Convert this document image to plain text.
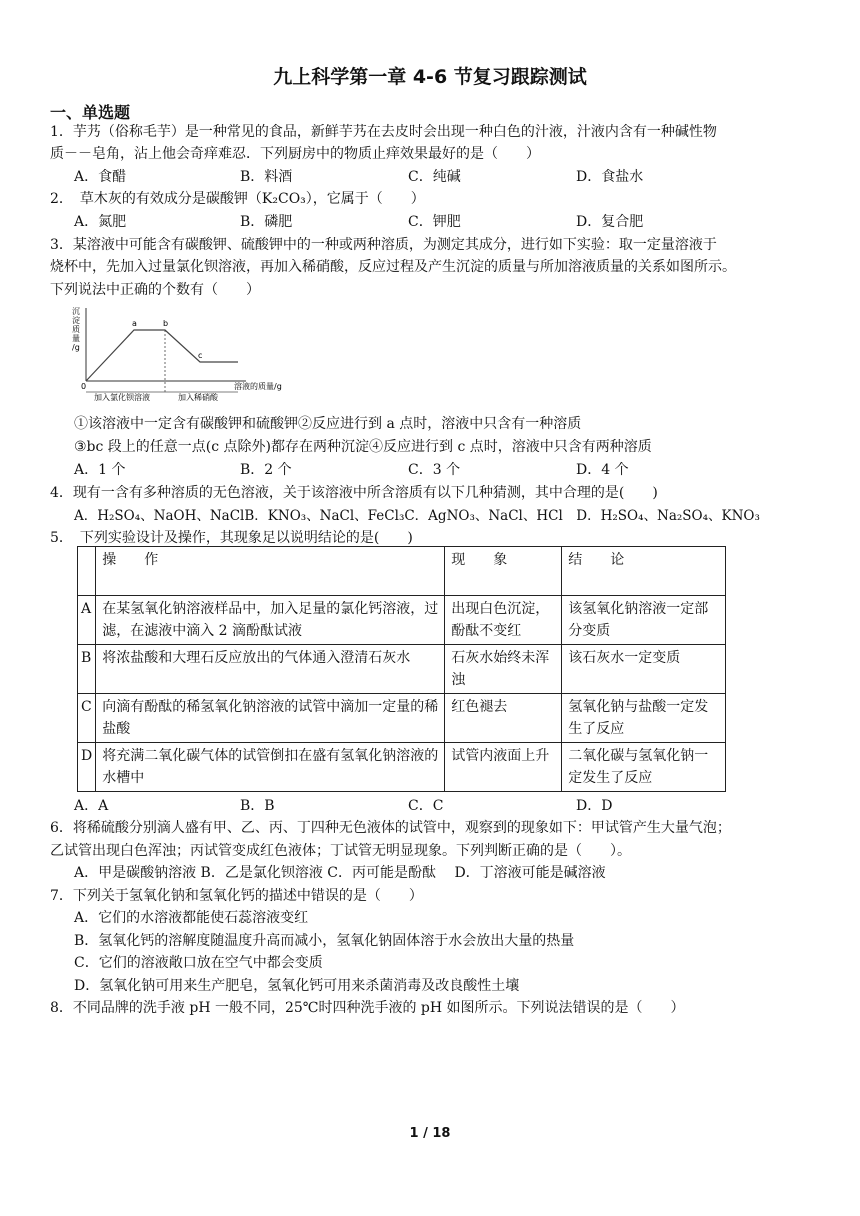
九上科学第一章 4-6 节复习跟踪测试
一、单选题
1．芋艿（俗称毛芋）是一种常见的食品，新鲜芋艿在去皮时会出现一种白色的汁液，汁液内含有一种碱性物
质－－皂角，沾上他会奇痒难忍．下列厨房中的物质止痒效果最好的是（　　）
A．食醋	B．料酒	C．纯碱	D．食盐水
2．　草木灰的有效成分是碳酸钾（K₂CO₃），它属于（　　）
A．氮肥	B．磷肥	C．钾肥	D．复合肥
3．某溶液中可能含有碳酸钾、硫酸钾中的一种或两种溶质，为测定其成分，进行如下实验：取一定量溶液于
烧杯中，先加入过量氯化钡溶液，再加入稀硝酸，反应过程及产生沉淀的质量与所加溶液质量的关系如图所示。
下列说法中正确的个数有（　　）
沉
淀
质
量
/g
a	b
c
0	溶液的质量/g
加入氯化钡溶液	加入稀硝酸
①该溶液中一定含有碳酸钾和硫酸钾②反应进行到 a 点时，溶液中只含有一种溶质
③bc 段上的任意一点(c 点除外)都存在两种沉淀④反应进行到 c 点时，溶液中只含有两种溶质
A．1 个	B．2 个	C．3 个	D．4 个
4．现有一含有多种溶质的无色溶液，关于该溶液中所含溶质有以下几种猜测，其中合理的是(　　)
A．H₂SO₄、NaOH、NaClB．KNO₃、NaCl、FeCl₃C．AgNO₃、NaCl、HCl　D．H₂SO₄、Na₂SO₄、KNO₃
5．　下列实验设计及操作，其现象足以说明结论的是(　　)
	操　　作	现　　象	结　　论
A	在某氢氧化钠溶液样品中，加入足量的氯化钙溶液，过滤，在滤液中滴入 2 滴酚酞试液	出现白色沉淀，酚酞不变红	该氢氧化钠溶液一定部分变质
B	将浓盐酸和大理石反应放出的气体通入澄清石灰水	石灰水始终未浑浊	该石灰水一定变质
C	向滴有酚酞的稀氢氧化钠溶液的试管中滴加一定量的稀盐酸	红色褪去	氢氧化钠与盐酸一定发生了反应
D	将充满二氧化碳气体的试管倒扣在盛有氢氧化钠溶液的水槽中	试管内液面上升	二氧化碳与氢氧化钠一定发生了反应
A．A	B．B	C．C	D．D
6．将稀硫酸分别滴人盛有甲、乙、丙、丁四种无色液体的试管中，观察到的现象如下：甲试管产生大量气泡；
乙试管出现白色浑浊；丙试管变成红色液体；丁试管无明显现象。下列判断正确的是（　　）。
A．甲是碳酸钠溶液 B．乙是氯化钡溶液 C．丙可能是酚酞　 D．丁溶液可能是碱溶液
7．下列关于氢氧化钠和氢氧化钙的描述中错误的是（　　）
A．它们的水溶液都能使石蕊溶液变红
B．氢氧化钙的溶解度随温度升高而减小，氢氧化钠固体溶于水会放出大量的热量
C．它们的溶液敞口放在空气中都会变质
D．氢氧化钠可用来生产肥皂，氢氧化钙可用来杀菌消毒及改良酸性土壤
8．不同品牌的洗手液 pH 一般不同，25℃时四种洗手液的 pH 如图所示。下列说法错误的是（　　）
1 / 18
